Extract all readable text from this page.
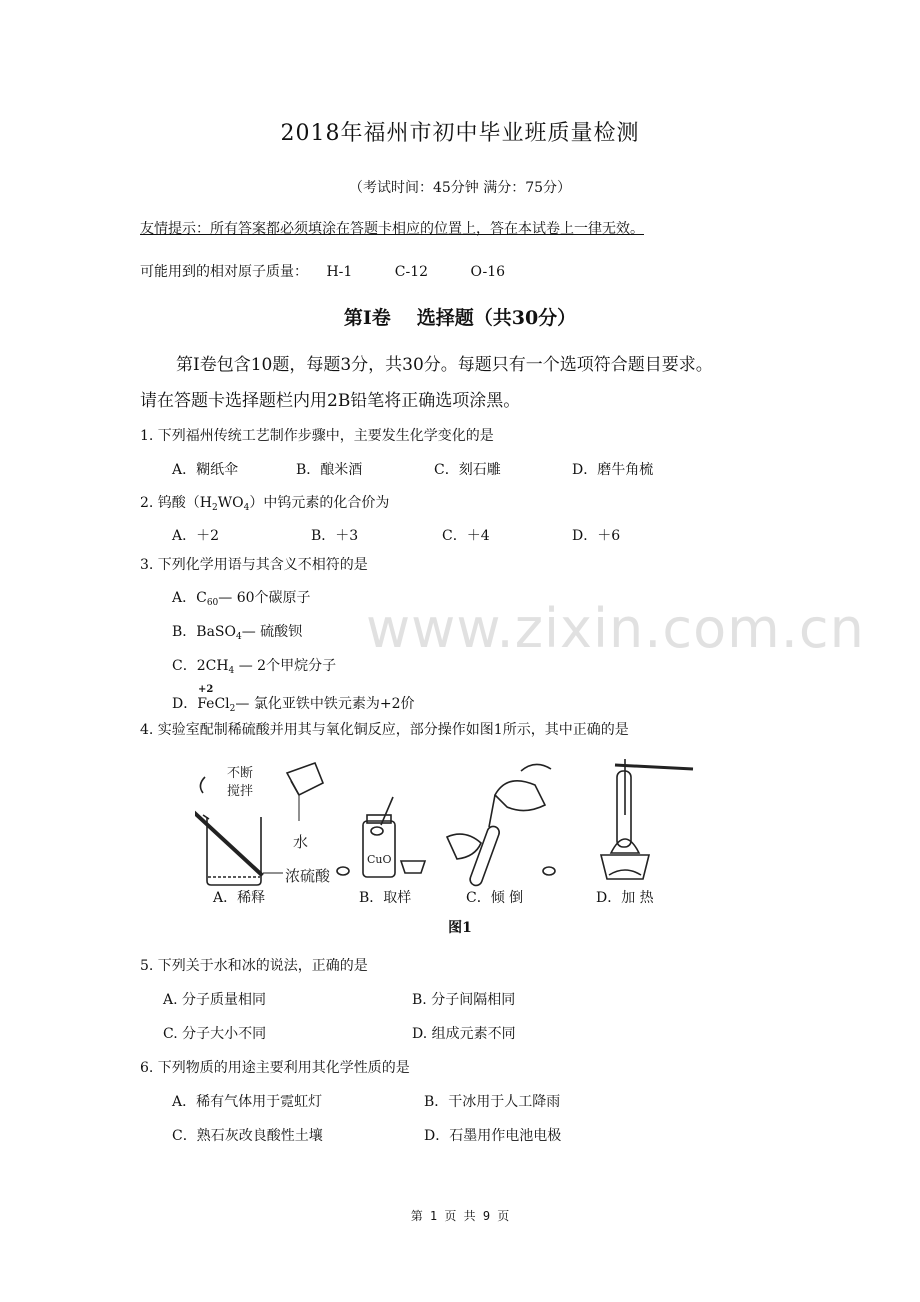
www.zixin.com.cn
2018年福州市初中毕业班质量检测
（考试时间：45分钟 满分：75分）
友情提示：所有答案都必须填涂在答题卡相应的位置上，答在本试卷上一律无效。
可能用到的相对原子质量： H-1	C-12	O-16
第Ⅰ卷 选择题（共30分）
第Ⅰ卷包含10题，每题3分，共30分。每题只有一个选项符合题目要求。
请在答题卡选择题栏内用2B铅笔将正确选项涂黑。
1. 下列福州传统工艺制作步骤中，主要发生化学变化的是
A．糊纸伞	B．酿米酒	C．刻石雕	D．磨牛角梳
2. 钨酸$(H_2WO_4)$中钨元素的化合价为
A．＋2	B．＋3	C．＋4	D．＋6
3. 下列化学用语与其含义不相符的是
A．$C_{60}—$ 60个碳原子
B．BaSO$_4$— 硫酸钡
C．$2CH_4$ — 2个甲烷分子
+2
D．FeCl$_2$— 氯化亚铁中铁元素为+2价
4. 实验室配制稀硫酸并用其与氧化铜反应，部分操作如图1所示，其中正确的是
不断
搅拌
水
浓硫酸
CuO
A．稀释	B．取样	C．倾 倒	D．加 热
图1
5. 下列关于水和冰的说法，正确的是
A. 分子质量相同	B. 分子间隔相同
C. 分子大小不同	D. 组成元素不同
6. 下列物质的用途主要利用其化学性质的是
A．稀有气体用于霓虹灯	B．干冰用于人工降雨
C．熟石灰改良酸性土壤	D．石墨用作电池电极
第 1 页 共 9 页
